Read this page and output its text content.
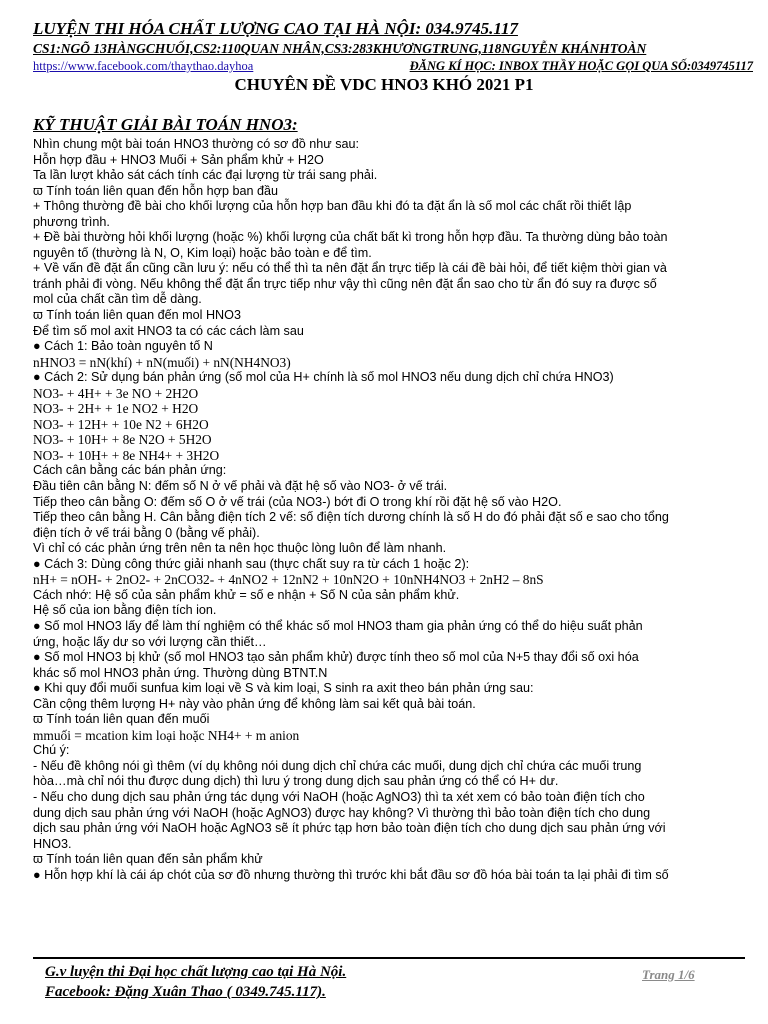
LUYỆN THI HÓA CHẤT LƯỢNG CAO TẠI HÀ NỘI: 034.9745.117

CS1:NGÕ 13HÀNGCHUỐI,CS2:110QUAN NHÂN,CS3:283KHƯƠNGTRUNG,118NGUYỄN KHÁNHTOÀN

https://www.facebook.com/thaythao.dayhoa	ĐĂNG KÍ HỌC: INBOX THẦY HOẶC GỌI QUA SỐ:0349745117
CHUYÊN ĐỀ VDC HNO3 KHÓ 2021 P1

KỸ THUẬT GIẢI BÀI TOÁN HNO3:

Nhìn chung một bài toán HNO3 thường có sơ đồ như sau:
Hỗn hợp đầu + HNO3 Muối + Sản phẩm khử + H2O
Ta lần lượt khảo sát cách tính các đại lượng từ trái sang phải.
ϖ Tính toán liên quan đến hỗn hợp ban đầu
+ Thông thường đề bài cho khối lượng của hỗn hợp ban đầu khi đó ta đặt ẩn là số mol các chất rồi thiết lập
phương trình.
+ Đề bài thường hỏi khối lượng (hoặc %) khối lượng của chất bất kì trong hỗn hợp đầu. Ta thường dùng bảo toàn
nguyên tố (thường là N, O, Kim loại) hoặc bảo toàn e để tìm.
+ Về vấn đề đặt ẩn cũng cần lưu ý: nếu có thể thì ta nên đặt ẩn trực tiếp là cái đề bài hỏi, để tiết kiệm thời gian và
tránh phải đi vòng. Nếu không thể đặt ẩn trực tiếp như vậy thì cũng nên đặt ẩn sao cho từ ẩn đó suy ra được số
mol của chất cần tìm dễ dàng.
ϖ Tính toán liên quan đến mol HNO3
Để tìm số mol axit HNO3 ta có các cách làm sau
● Cách 1: Bảo toàn nguyên tố N
nHNO3 = nN(khí) + nN(muối) + nN(NH4NO3)
● Cách 2: Sử dụng bán phản ứng (số mol của H+ chính là số mol HNO3 nếu dung dịch chỉ chứa HNO3)
NO3- + 4H+ + 3e NO + 2H2O
NO3- + 2H+ + 1e NO2 + H2O
NO3- + 12H+ + 10e N2 + 6H2O
NO3- + 10H+ + 8e N2O + 5H2O
NO3- + 10H+ + 8e NH4+ + 3H2O
Cách cân bằng các bán phản ứng:
Đầu tiên cân bằng N: đếm số N ở vế phải và đặt hệ số vào NO3- ở vế trái.
Tiếp theo cân bằng O: đếm số O ở vế trái (của NO3-) bớt đi O trong khí rồi đặt hệ số vào H2O.
Tiếp theo cân bằng H. Cân bằng điện tích 2 vế: số điện tích dương chính là số H do đó phải đặt số e sao cho tổng
điện tích ở vế trái bằng 0 (bằng vế phải).
Vì chỉ có các phản ứng trên nên ta nên học thuộc lòng luôn để làm nhanh.
● Cách 3: Dùng công thức giải nhanh sau (thực chất suy ra từ cách 1 hoặc 2):
nH+ = nOH- + 2nO2- + 2nCO32- + 4nNO2 + 12nN2 + 10nN2O + 10nNH4NO3 + 2nH2 – 8nS
Cách nhớ: Hệ số của sản phẩm khử = số e nhận + Số N của sản phẩm khử.
Hệ số của ion bằng điện tích ion.
● Số mol HNO3 lấy để làm thí nghiệm có thể khác số mol HNO3 tham gia phản ứng có thể do hiệu suất phản
ứng, hoặc lấy dư so với lượng cần thiết…
● Số mol HNO3 bị khử (số mol HNO3 tạo sản phẩm khử) được tính theo số mol của N+5 thay đổi số oxi hóa
khác số mol HNO3 phản ứng. Thường dùng BTNT.N
● Khi quy đổi muối sunfua kim loại về S và kim loại, S sinh ra axit theo bán phản ứng sau:
Cần cộng thêm lượng H+ này vào phản ứng để không làm sai kết quả bài toán.
ϖ Tính toán liên quan đến muối
mmuối = mcation kim loại hoặc NH4+ + m anion
Chú ý:
- Nếu đề không nói gì thêm (ví dụ không nói dung dịch chỉ chứa các muối, dung dịch chỉ chứa các muối trung
hòa…mà chỉ nói thu được dung dịch) thì lưu ý trong dung dịch sau phản ứng có thể có H+ dư.
- Nếu cho dung dịch sau phản ứng tác dụng với NaOH (hoặc AgNO3) thì ta xét xem có bảo toàn điện tích cho
dung dịch sau phản ứng với NaOH (hoặc AgNO3) được hay không? Vì thường thì bảo toàn điện tích cho dung
dịch sau phản ứng với NaOH hoặc AgNO3 sẽ ít phức tạp hơn bảo toàn điện tích cho dung dịch sau phản ứng với
HNO3.
ϖ Tính toán liên quan đến sản phẩm khử
● Hỗn hợp khí là cái áp chót của sơ đồ nhưng thường thì trước khi bắt đầu sơ đồ hóa bài toán ta lại phải đi tìm số
G.v luyện thi Đại học chất lượng cao tại Hà Nội.
Facebook: Đặng Xuân Thao ( 0349.745.117).
Trang 1/6
